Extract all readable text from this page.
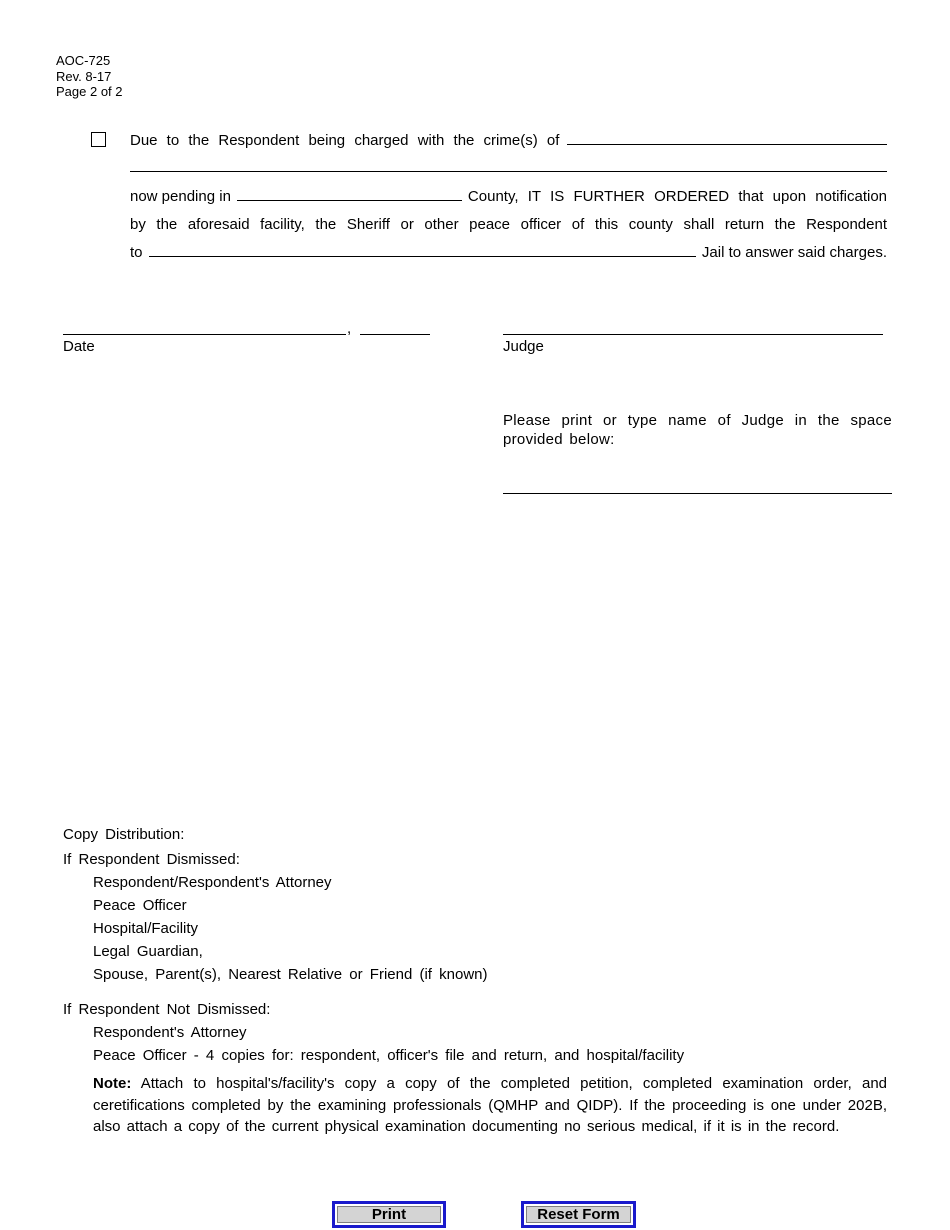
AOC-725
Rev. 8-17
Page 2 of 2
Due to the Respondent being charged with the crime(s) of
now pending in	County, IT IS FURTHER ORDERED that upon notification
by the aforesaid facility, the Sheriff or other peace officer of this county shall return the Respondent
to	Jail to answer said charges.
,
Date	Judge
Please print or type name of Judge in the space provided below:
Copy Distribution:
If Respondent Dismissed:
Respondent/Respondent's Attorney
Peace Officer
Hospital/Facility
Legal Guardian,
Spouse, Parent(s), Nearest Relative or Friend (if known)
If Respondent Not Dismissed:
Respondent's Attorney
Peace Officer - 4 copies for: respondent, officer's file and return, and hospital/facility
Note: Attach to hospital's/facility's copy a copy of the completed petition, completed examination order, and ceretifications completed by the examining professionals (QMHP and QIDP). If the proceeding is one under 202B, also attach a copy of the current physical examination documenting no serious medical, if it is in the record.
Print	Reset Form
